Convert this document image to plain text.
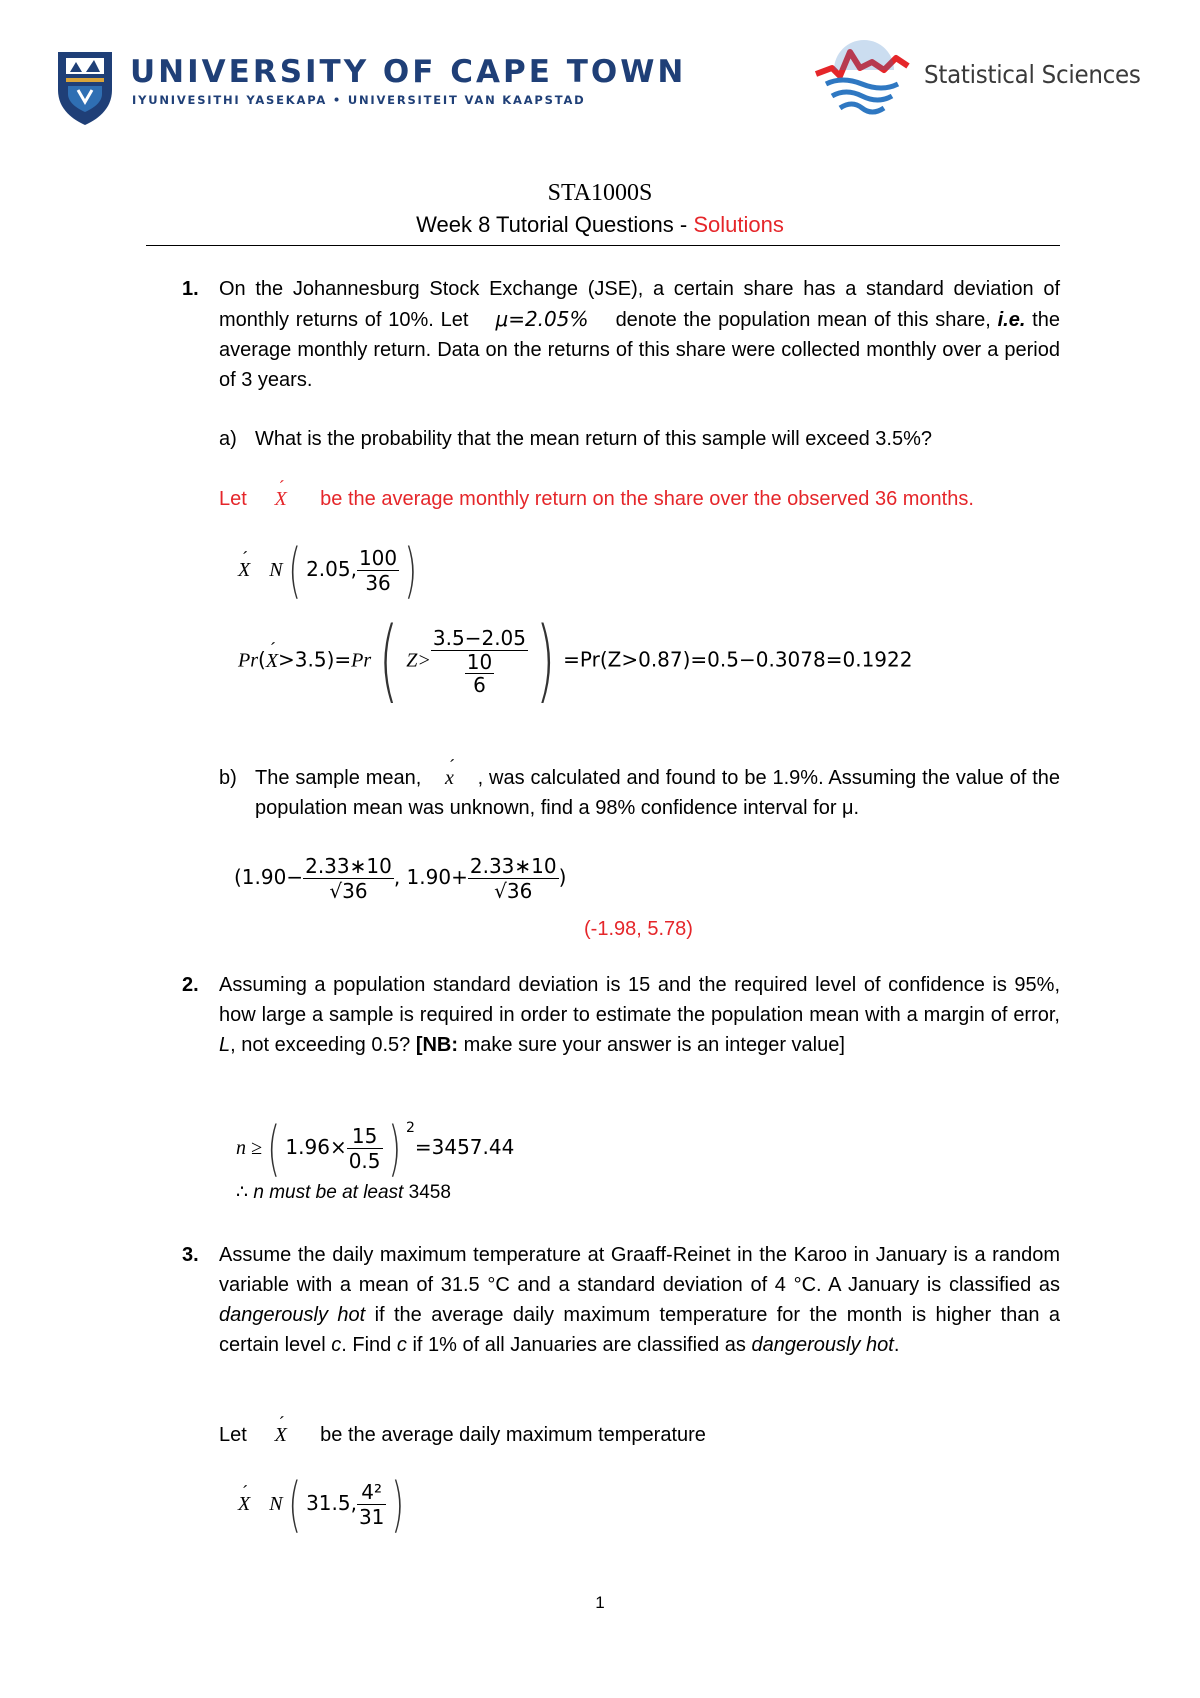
UNIVERSITY OF CAPE TOWN
IYUNIVESITHI YASEKAPA • UNIVERSITEIT VAN KAAPSTAD
Statistical Sciences
STA1000S
Week 8 Tutorial Questions - Solutions
1. On the Johannesburg Stock Exchange (JSE), a certain share has a standard deviation of monthly returns of 10%. Let μ=2.05% denote the population mean of this share, i.e. the average monthly return. Data on the returns of this share were collected monthly over a period of 3 years.
a) What is the probability that the mean return of this sample will exceed 3.5%?
Let ´ X be the average monthly return on the share over the observed 36 months.
´ X N( 2.05, $\frac{100}{36}$ )
Pr(´ X>3.5)=Pr( $Z> \frac{3.5-2.05}{\frac{10}{6}}$ ) =Pr(Z>0.87)=0.5−0.3078=0.1922
b) The sample mean, ´ x , was calculated and found to be 1.9%. Assuming the value of the population mean was unknown, find a 98% confidence interval for μ.
($1.90- \frac{2.33∗10}{√36}$ , $1.90+ \frac{2.33∗10}{√36}$ )
(-1.98, 5.78)
2. Assuming a population standard deviation is 15 and the required level of confidence is 95%, how large a sample is required in order to estimate the population mean with a margin of error, L, not exceeding 0.5? [NB: make sure your answer is an integer value]
n ≥( $1.96\times \frac{15}{0.5}$ ) $^2$=3457.44
∴ n must be at least 3458
3. Assume the daily maximum temperature at Graaff-Reinet in the Karoo in January is a random variable with a mean of 31.5 °C and a standard deviation of 4 °C. A January is classified as dangerously hot if the average daily maximum temperature for the month is higher than a certain level c. Find c if 1% of all Januaries are classified as dangerously hot.
Let ´ X be the average daily maximum temperature
´ X N( 31.5, $\frac{\text{4²}}{31}$ )
1
